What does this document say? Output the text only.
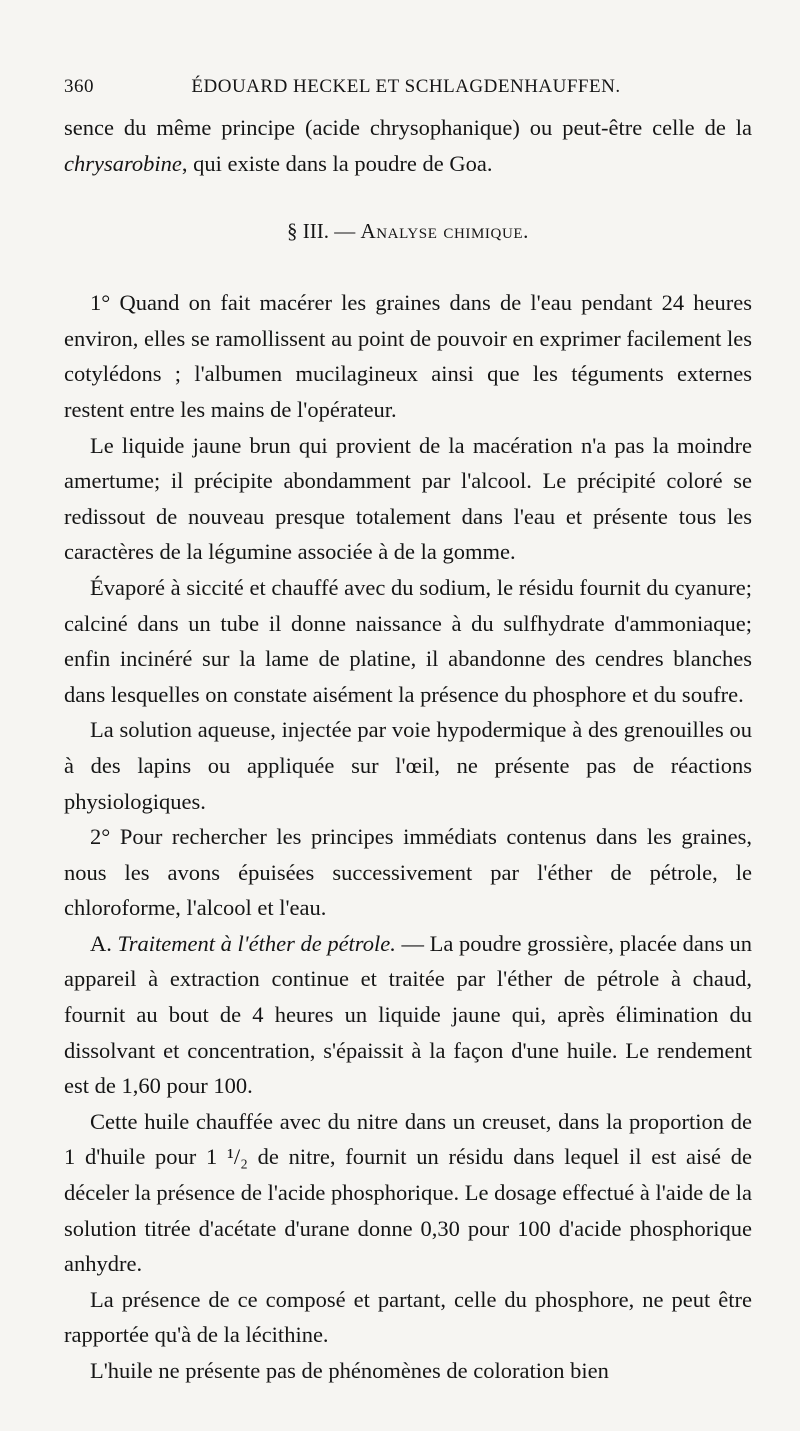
360	ÉDOUARD HECKEL ET SCHLAGDENHAUFFEN.

sence du même principe (acide chrysophanique) ou peut-être celle de la chrysarobine, qui existe dans la poudre de Goa.

§ III. — Analyse chimique.

1° Quand on fait macérer les graines dans de l'eau pendant 24 heures environ, elles se ramollissent au point de pouvoir en exprimer facilement les cotylédons ; l'albumen mucilagineux ainsi que les téguments externes restent entre les mains de l'opérateur.

Le liquide jaune brun qui provient de la macération n'a pas la moindre amertume; il précipite abondamment par l'alcool. Le précipité coloré se redissout de nouveau presque totalement dans l'eau et présente tous les caractères de la légumine associée à de la gomme.

Évaporé à siccité et chauffé avec du sodium, le résidu fournit du cyanure; calciné dans un tube il donne naissance à du sulfhydrate d'ammoniaque; enfin incinéré sur la lame de platine, il abandonne des cendres blanches dans lesquelles on constate aisément la présence du phosphore et du soufre.

La solution aqueuse, injectée par voie hypodermique à des grenouilles ou à des lapins ou appliquée sur l'œil, ne présente pas de réactions physiologiques.

2° Pour rechercher les principes immédiats contenus dans les graines, nous les avons épuisées successivement par l'éther de pétrole, le chloroforme, l'alcool et l'eau.

A. Traitement à l'éther de pétrole. — La poudre grossière, placée dans un appareil à extraction continue et traitée par l'éther de pétrole à chaud, fournit au bout de 4 heures un liquide jaune qui, après élimination du dissolvant et concentration, s'épaissit à la façon d'une huile. Le rendement est de 1,60 pour 100.

Cette huile chauffée avec du nitre dans un creuset, dans la proportion de 1 d'huile pour 1 ¹/₂ de nitre, fournit un résidu dans lequel il est aisé de déceler la présence de l'acide phosphorique. Le dosage effectué à l'aide de la solution titrée d'acétate d'urane donne 0,30 pour 100 d'acide phosphorique anhydre.

La présence de ce composé et partant, celle du phosphore, ne peut être rapportée qu'à de la lécithine.

L'huile ne présente pas de phénomènes de coloration bien
